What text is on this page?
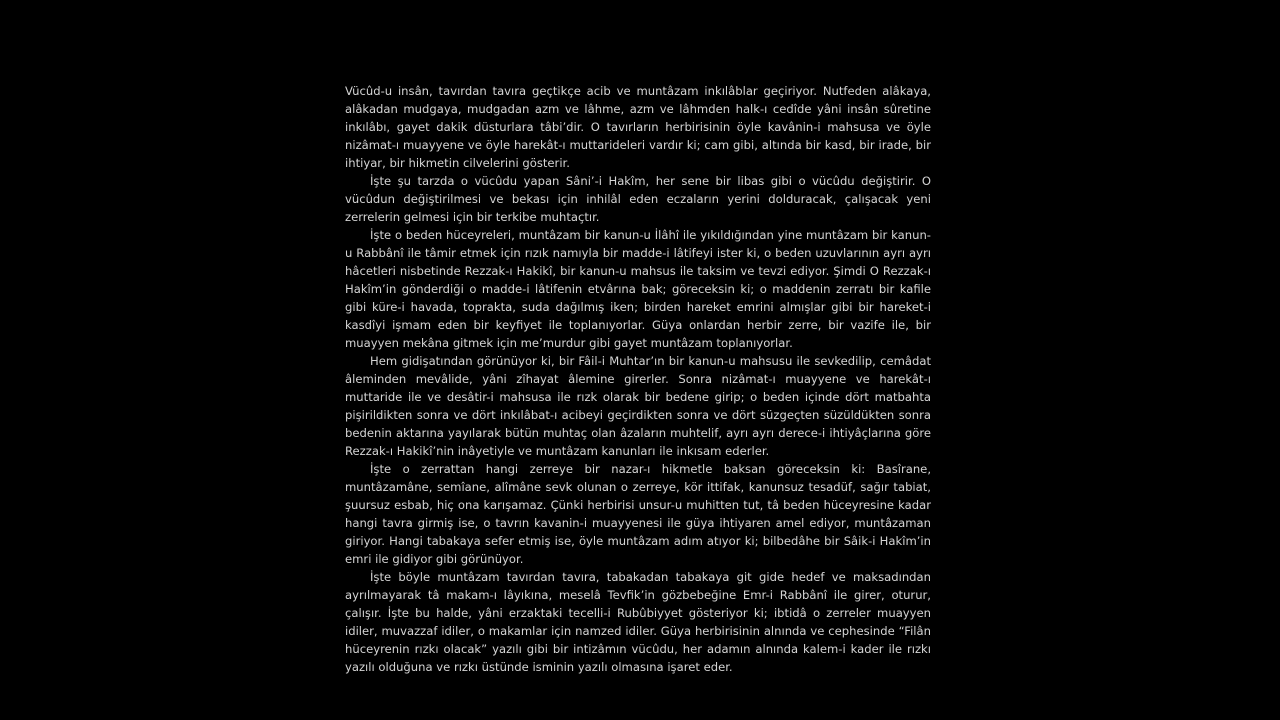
Vücûd-u insân, tavırdan tavıra geçtikçe acib ve muntâzam inkılâblar geçiriyor. Nutfeden alâkaya, alâkadan mudgaya, mudgadan azm ve lâhme, azm ve lâhmden halk-ı cedîde yâni insân sûretine inkılâbı, gayet dakik düsturlara tâbi’dir. O tavırların herbirisinin öyle kavânin-i mahsusa ve öyle nizâmat-ı muayyene ve öyle harekât-ı muttarideleri vardır ki; cam gibi, altında bir kasd, bir irade, bir ihtiyar, bir hikmetin cilvelerini gösterir.

İşte şu tarzda o vücûdu yapan Sâni’-i Hakîm, her sene bir libas gibi o vücûdu değiştirir. O vücûdun değiştirilmesi ve bekası için inhilâl eden eczaların yerini dolduracak, çalışacak yeni zerrelerin gelmesi için bir terkibe muhtaçtır.

İşte o beden hüceyreleri, muntâzam bir kanun-u İlâhî ile yıkıldığından yine muntâzam bir kanun-u Rabbânî ile tâmir etmek için rızık namıyla bir madde-i lâtifeyi ister ki, o beden uzuvlarının ayrı ayrı hâcetleri nisbetinde Rezzak-ı Hakikî, bir kanun-u mahsus ile taksim ve tevzi ediyor. Şimdi O Rezzak-ı Hakîm’in gönderdiği o madde-i lâtifenin etvârına bak; göreceksin ki; o maddenin zerratı bir kafile gibi küre-i havada, toprakta, suda dağılmış iken; birden hareket emrini almışlar gibi bir hareket-i kasdîyi işmam eden bir keyfiyet ile toplanıyorlar. Güya onlardan herbir zerre, bir vazife ile, bir muayyen mekâna gitmek için me’murdur gibi gayet muntâzam toplanıyorlar.

Hem gidişatından görünüyor ki, bir Fâil-i Muhtar’ın bir kanun-u mahsusu ile sevkedilip, cemâdat âleminden mevâlide, yâni zîhayat âlemine girerler. Sonra nizâmat-ı muayyene ve harekât-ı muttaride ile ve desâtir-i mahsusa ile rızk olarak bir bedene girip; o beden içinde dört matbahta pişirildikten sonra ve dört inkılâbat-ı acibeyi geçirdikten sonra ve dört süzgeçten süzüldükten sonra bedenin aktarına yayılarak bütün muhtaç olan âzaların muhtelif, ayrı ayrı derece-i ihtiyâçlarına göre Rezzak-ı Hakikî’nin inâyetiyle ve muntâzam kanunları ile inkısam ederler.

İşte o zerrattan hangi zerreye bir nazar-ı hikmetle baksan göreceksin ki: Basîrane, muntâzamâne, semîane, alîmâne sevk olunan o zerreye, kör ittifak, kanunsuz tesadüf, sağır tabiat, şuursuz esbab, hiç ona karışamaz. Çünki herbirisi unsur-u muhitten tut, tâ beden hüceyresine kadar hangi tavra girmiş ise, o tavrın kavanin-i muayyenesi ile güya ihtiyaren amel ediyor, muntâzaman giriyor. Hangi tabakaya sefer etmiş ise, öyle muntâzam adım atıyor ki; bilbedâhe bir Sâik-i Hakîm’in emri ile gidiyor gibi görünüyor.

İşte böyle muntâzam tavırdan tavıra, tabakadan tabakaya git gide hedef ve maksadından ayrılmayarak tâ makam-ı lâyıkına, meselâ Tevfik’in gözbebeğine Emr-i Rabbânî ile girer, oturur, çalışır. İşte bu halde, yâni erzaktaki tecelli-i Rubûbiyyet gösteriyor ki; ibtidâ o zerreler muayyen idiler, muvazzaf idiler, o makamlar için namzed idiler. Güya herbirisinin alnında ve cephesinde “Filân hüceyrenin rızkı olacak” yazılı gibi bir intizâmın vücûdu, her adamın alnında kalem-i kader ile rızkı yazılı olduğuna ve rızkı üstünde isminin yazılı olmasına işaret eder.
